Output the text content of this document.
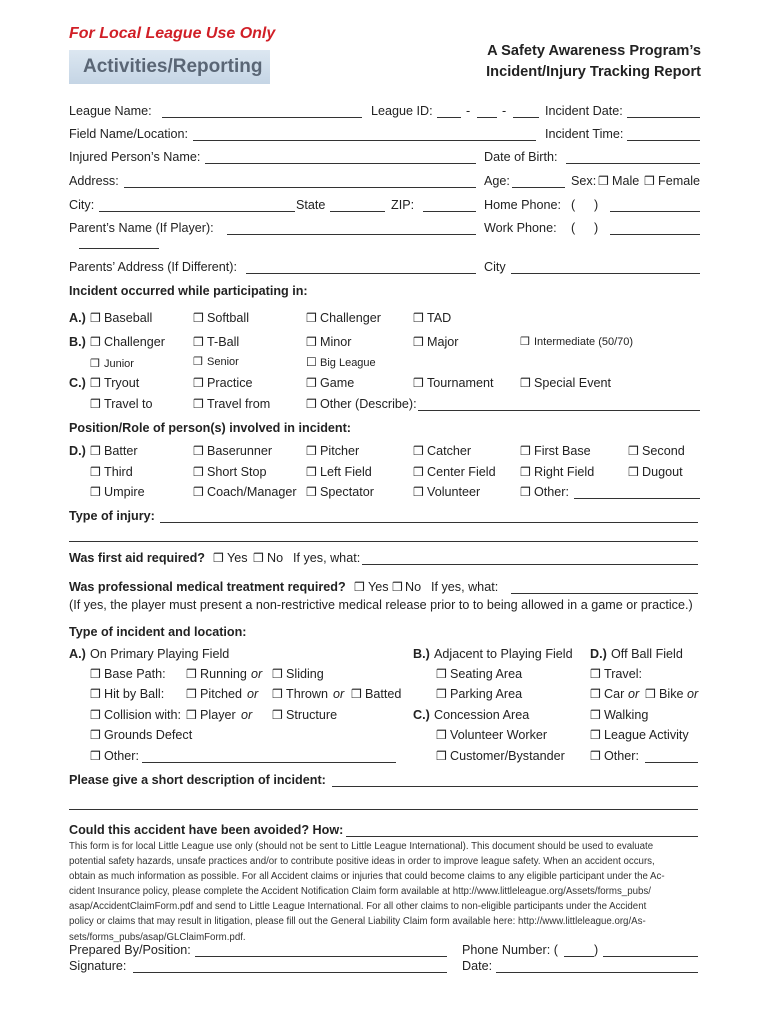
For Local League Use Only
Activities/Reporting
A Safety Awareness Program’s
Incident/Injury Tracking Report
League Name:	League ID:	-	-	Incident Date:
Field Name/Location:	Incident Time:
Injured Person’s Name:	Date of Birth:
Address:	Age:	Sex: ❒ Male ❒ Female
City:	State	ZIP:	Home Phone: ( )
Parent’s Name (If Player):	Work Phone: ( )
Parents’ Address (If Different):	City
Incident occurred while participating in:
A.) ❒ Baseball	❒ Softball	❒ Challenger	❒ TAD
B.) ❒ Challenger ❒ T-Ball	❒ Minor	❒ Major	❒ Intermediate (50/70)
❒ Junior	❒ Senior	☐ Big League
C.) ❒ Tryout	❒ Practice	❒ Game	❒ Tournament ❒ Special Event
❒ Travel to	❒ Travel from	❒ Other (Describe):
Position/Role of person(s) involved in incident:
D.) ❒ Batter	❒ Baserunner	❒ Pitcher	❒ Catcher	❒ First Base	❒ Second
❒ Third	❒ Short Stop	❒ Left Field	❒ Center Field ❒ Right Field	❒ Dugout
❒ Umpire	❒ Coach/Manager ❒ Spectator	❒ Volunteer	❒ Other:
Type of injury:
Was first aid required? ❒ Yes ❒ No If yes, what:
Was professional medical treatment required? ❒ Yes ❒ No If yes, what:
(If yes, the player must present a non-restrictive medical release prior to to being allowed in a game or practice.)
Type of incident and location:
A.) On Primary Playing Field	B.) Adjacent to Playing Field D.) Off Ball Field
❒ Base Path: ❒ Running or ❒ Sliding	❒ Seating Area	❒ Travel:
❒ Hit by Ball: ❒ Pitched or ❒ Thrown or ❒ Batted	❒ Parking Area	❒ Car or ❒ Bike or
❒ Collision with: ❒ Player or ❒ Structure	C.) Concession Area	❒ Walking
❒ Grounds Defect	❒ Volunteer Worker	❒ League Activity
❒ Other:	❒ Customer/Bystander ❒ Other:
Please give a short description of incident:
Could this accident have been avoided? How:
This form is for local Little League use only (should not be sent to Little League International). This document should be used to evaluate
potential safety hazards, unsafe practices and/or to contribute positive ideas in order to improve league safety. When an accident occurs,
obtain as much information as possible. For all Accident claims or injuries that could become claims to any eligible participant under the Ac-
cident Insurance policy, please complete the Accident Notification Claim form available at http://www.littleleague.org/Assets/forms_pubs/
asap/AccidentClaimForm.pdf and send to Little League International. For all other claims to non-eligible participants under the Accident
policy or claims that may result in litigation, please fill out the General Liability Claim form available here: http://www.littleleague.org/As-
sets/forms_pubs/asap/GLClaimForm.pdf.
Prepared By/Position:	Phone Number: (	)
Signature:	Date:
